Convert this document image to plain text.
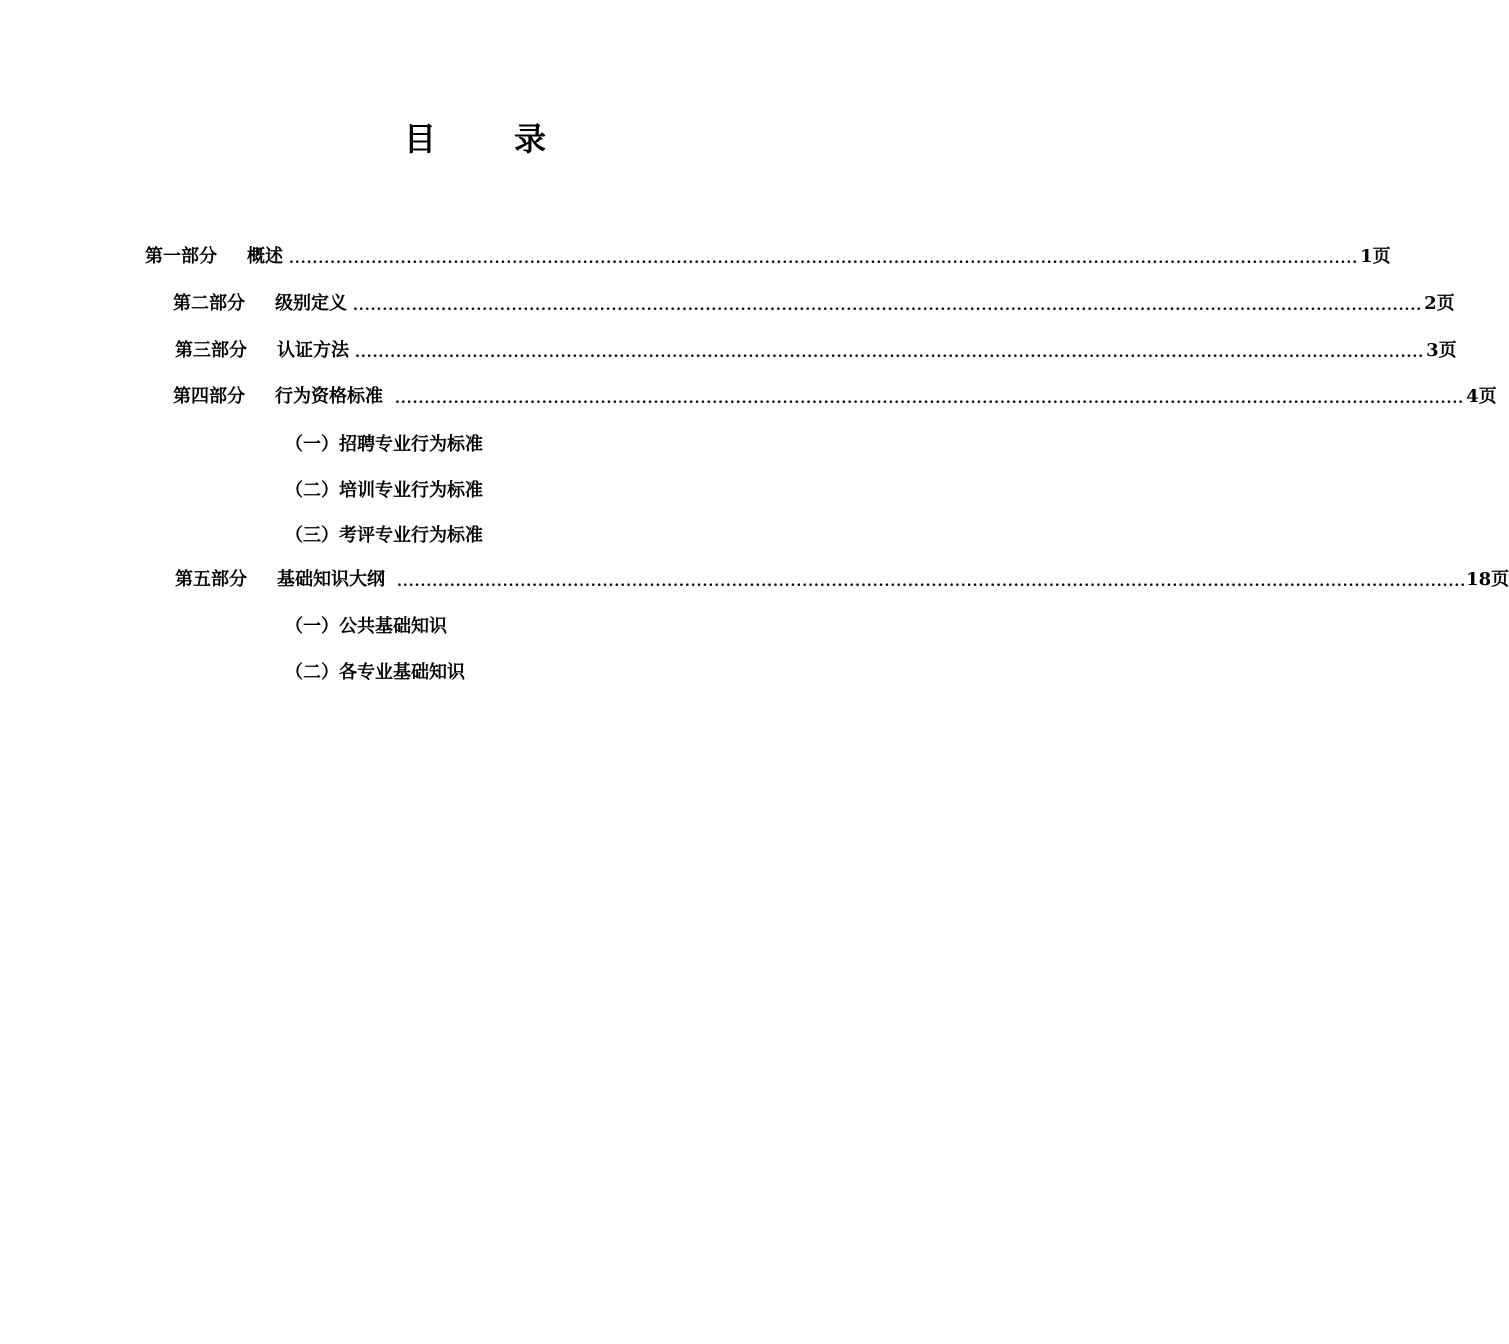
目 录
第一部分	概述 ...................................................................................................................................................................................... 1页
第二部分	级别定义 ...................................................................................................................................................................................... 2页
第三部分	认证方法 ...................................................................................................................................................................................... 3页
第四部分	行为资格标准 ...................................................................................................................................................................................... 4页
（一）招聘专业行为标准
（二）培训专业行为标准
（三）考评专业行为标准
第五部分	基础知识大纲 ...................................................................................................................................................................................... 18页
（一）公共基础知识
（二）各专业基础知识
